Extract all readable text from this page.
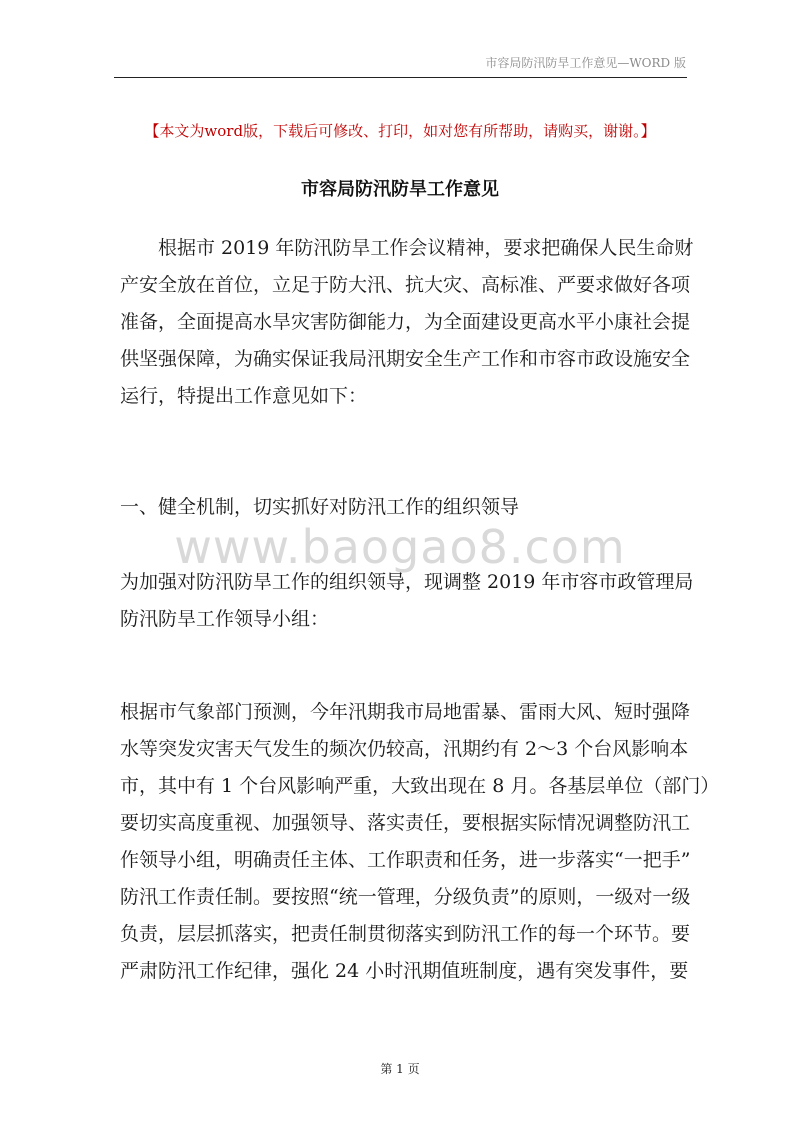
市容局防汛防旱工作意见—WORD 版
【本文为word版，下载后可修改、打印，如对您有所帮助，请购买，谢谢。】
市容局防汛防旱工作意见
　　根据市 2019 年防汛防旱工作会议精神，要求把确保人民生命财
产安全放在首位，立足于防大汛、抗大灾、高标准、严要求做好各项
准备，全面提高水旱灾害防御能力，为全面建设更高水平小康社会提
供坚强保障，为确实保证我局汛期安全生产工作和市容市政设施安全
运行，特提出工作意见如下：
一、健全机制，切实抓好对防汛工作的组织领导
www.baogao8.com
为加强对防汛防旱工作的组织领导，现调整 2019 年市容市政管理局
防汛防旱工作领导小组：
根据市气象部门预测，今年汛期我市局地雷暴、雷雨大风、短时强降
水等突发灾害天气发生的频次仍较高，汛期约有 2～3 个台风影响本
市，其中有 1 个台风影响严重，大致出现在 8 月。各基层单位（部门）
要切实高度重视、加强领导、落实责任，要根据实际情况调整防汛工
作领导小组，明确责任主体、工作职责和任务，进一步落实“一把手”
防汛工作责任制。要按照“统一管理，分级负责”的原则，一级对一级
负责，层层抓落实，把责任制贯彻落实到防汛工作的每一个环节。要
严肃防汛工作纪律，强化 24 小时汛期值班制度，遇有突发事件，要
第 1 页
